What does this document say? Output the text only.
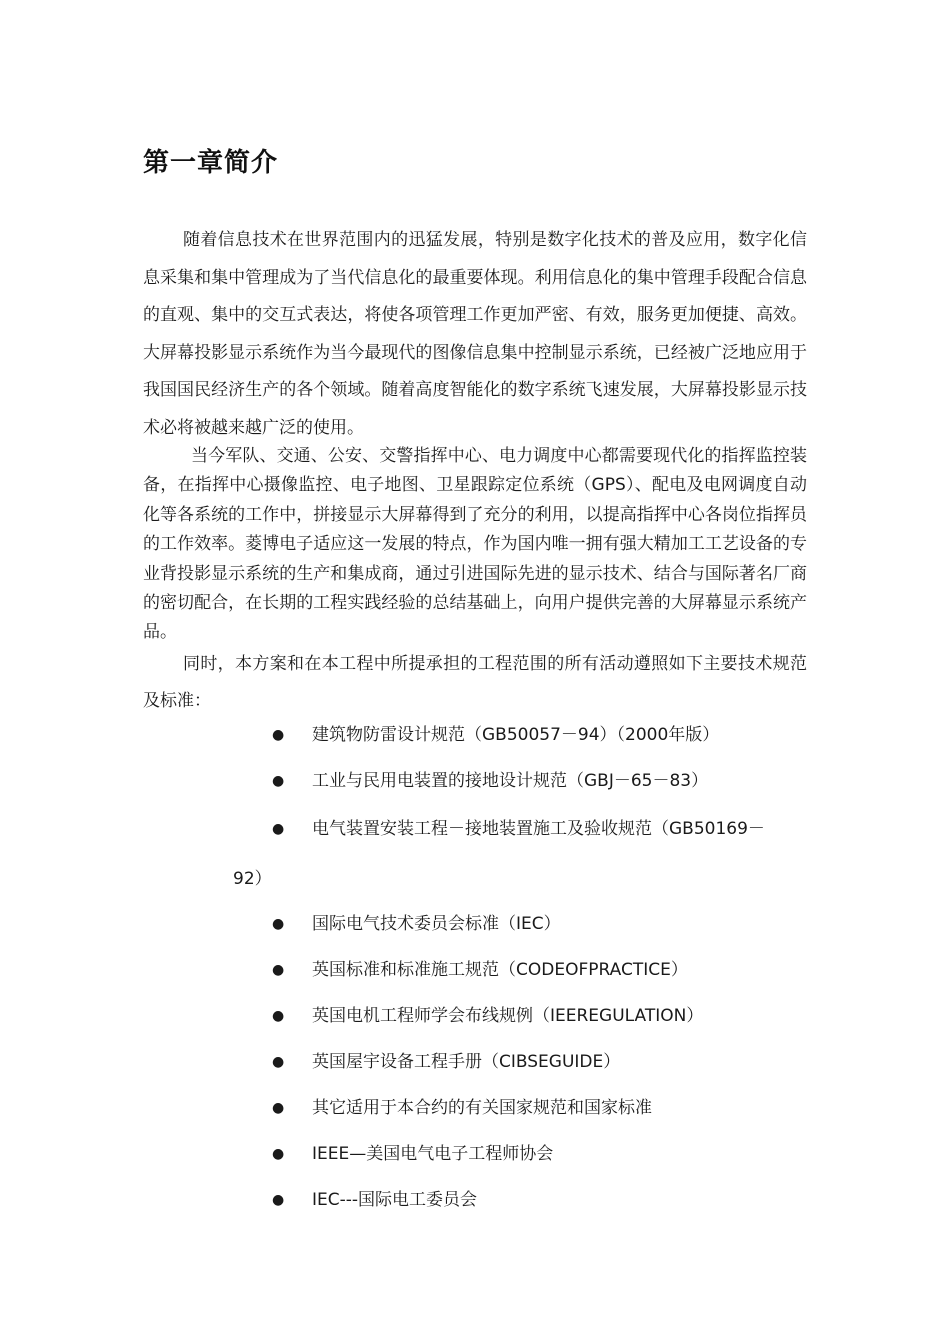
第一章简介

随着信息技术在世界范围内的迅猛发展，特别是数字化技术的普及应用，数字化信息采集和集中管理成为了当代信息化的最重要体现。利用信息化的集中管理手段配合信息的直观、集中的交互式表达，将使各项管理工作更加严密、有效，服务更加便捷、高效。大屏幕投影显示系统作为当今最现代的图像信息集中控制显示系统，已经被广泛地应用于我国国民经济生产的各个领域。随着高度智能化的数字系统飞速发展，大屏幕投影显示技术必将被越来越广泛的使用。

当今军队、交通、公安、交警指挥中心、电力调度中心都需要现代化的指挥监控装备，在指挥中心摄像监控、电子地图、卫星跟踪定位系统（GPS）、配电及电网调度自动化等各系统的工作中，拼接显示大屏幕得到了充分的利用，以提高指挥中心各岗位指挥员的工作效率。菱博电子适应这一发展的特点，作为国内唯一拥有强大精加工工艺设备的专业背投影显示系统的生产和集成商，通过引进国际先进的显示技术、结合与国际著名厂商的密切配合，在长期的工程实践经验的总结基础上，向用户提供完善的大屏幕显示系统产品。

同时，本方案和在本工程中所提承担的工程范围的所有活动遵照如下主要技术规范及标准：

● 建筑物防雷设计规范（GB50057－94）（2000年版）
● 工业与民用电装置的接地设计规范（GBJ－65－83）
● 电气装置安装工程－接地装置施工及验收规范（GB50169－
92）
● 国际电气技术委员会标准（IEC）
● 英国标准和标准施工规范（CODEOFPRACTICE）
● 英国电机工程师学会布线规例（IEEREGULATION）
● 英国屋宇设备工程手册（CIBSEGUIDE）
● 其它适用于本合约的有关国家规范和国家标准
● IEEE—美国电气电子工程师协会
● IEC---国际电工委员会
